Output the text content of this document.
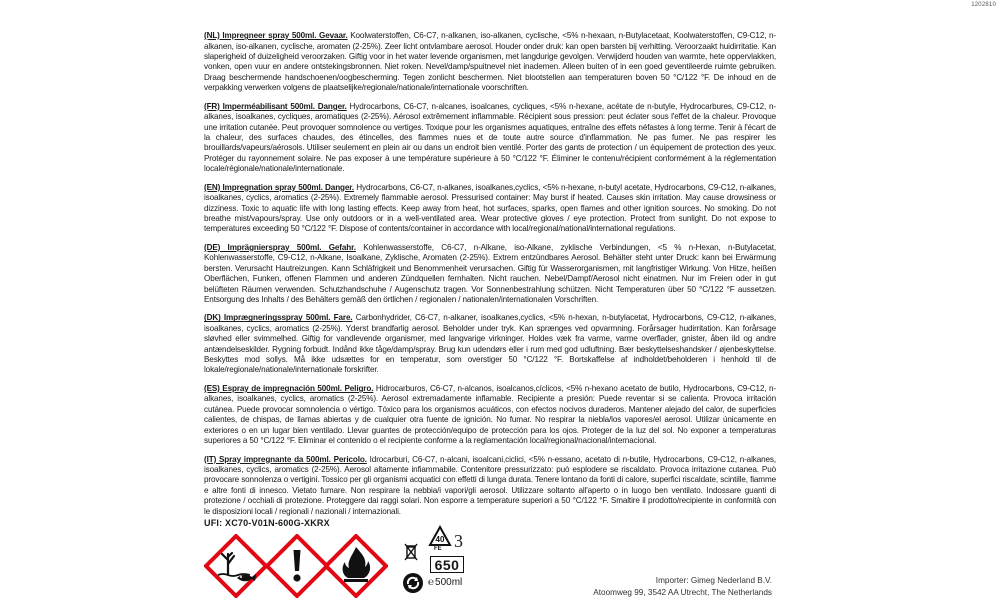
1202810

(NL) Impregneer spray 500ml. Gevaar. Koolwaterstoffen, C6-C7, n-alkanen, iso-alkanen, cyclische, <5% n-hexaan, n-Butylacetaat, Koolwaterstoffen, C9-C12, n-alkanen, iso-alkanen, cyclische, aromaten (2-25%). Zeer licht ontvlambare aerosol. Houder onder druk: kan open barsten bij verhitting. Veroorzaakt huidirritatie. Kan slaperigheid of duizeligheid veroorzaken. Giftig voor in het water levende organismen, met langdurige gevolgen. Verwijderd houden van warmte, hete oppervlakken, vonken, open vuur en andere ontstekingsbronnen. Niet roken. Nevel/damp/spuitnevel niet inademen. Alleen buiten of in een goed geventileerde ruimte gebruiken. Draag beschermende handschoenen/oogbescherming. Tegen zonlicht beschermen. Niet blootstellen aan temperaturen boven 50 °C/122 °F. De inhoud en de verpakking verwerken volgens de plaatselijke/regionale/nationale/internationale voorschriften.

(FR) Imperméabilisant 500ml. Danger. Hydrocarbons, C6-C7, n-alcanes, isoalcanes, cycliques, <5% n-hexane, acétate de n-butyle, Hydrocarbures, C9-C12, n-alkanes, isoalkanes, cycliques, aromatiques (2-25%). Aérosol extrêmement inflammable. Récipient sous pression: peut éclater sous l'effet de la chaleur. Provoque une irritation cutanée. Peut provoquer somnolence ou vertiges. Toxique pour les organismes aquatiques, entraîne des effets néfastes à long terme. Tenir à l'écart de la chaleur, des surfaces chaudes, des étincelles, des flammes nues et de toute autre source d'inflammation. Ne pas fumer. Ne pas respirer les brouillards/vapeurs/aérosols. Utiliser seulement en plein air ou dans un endroit bien ventilé. Porter des gants de protection / un équipement de protection des yeux. Protéger du rayonnement solaire. Ne pas exposer à une température supérieure à 50 °C/122 °F. Éliminer le contenu/récipient conformément à la réglementation locale/régionale/nationale/internationale.

(EN) Impregnation spray 500ml. Danger. Hydrocarbons, C6-C7, n-alkanes, isoalkanes,cyclics, <5% n-hexane, n-butyl acetate, Hydrocarbons, C9-C12, n-alkanes, isoalkanes, cyclics, aromatics (2-25%). Extremely flammable aerosol. Pressurised container: May burst if heated. Causes skin irritation. May cause drowsiness or dizziness. Toxic to aquatic life with long lasting effects. Keep away from heat, hot surfaces, sparks, open flames and other ignition sources. No smoking. Do not breathe mist/vapours/spray. Use only outdoors or in a well-ventilated area. Wear protective gloves / eye protection. Protect from sunlight. Do not expose to temperatures exceeding 50 °C/122 °F. Dispose of contents/container in accordance with local/regional/national/international regulations.

(DE) Imprägnierspray 500ml. Gefahr. Kohlenwasserstoffe, C6-C7, n-Alkane, iso-Alkane, zyklische Verbindungen, <5 % n-Hexan, n-Butylacetat, Kohlenwasserstoffe, C9-C12, n-Alkane, Isoalkane, Zyklische, Aromaten (2-25%). Extrem entzündbares Aerosol. Behälter steht unter Druck: kann bei Erwärmung bersten. Verursacht Hautreizungen. Kann Schläfrigkeit und Benommenheit verursachen. Giftig für Wasserorganismen, mit langfristiger Wirkung. Von Hitze, heißen Oberflächen, Funken, offenen Flammen und anderen Zündquellen fernhalten. Nicht rauchen. Nebel/Dampf/Aerosol nicht einatmen. Nur im Freien oder in gut belüfteten Räumen verwenden. Schutzhandschuhe / Augenschutz tragen. Vor Sonnenbestrahlung schützen. Nicht Temperaturen über 50 °C/122 °F aussetzen. Entsorgung des Inhalts / des Behälters gemäß den örtlichen / regionalen / nationalen/internationalen Vorschriften.

(DK) Imprægneringsspray 500ml. Fare. Carbonhydrider, C6-C7, n-alkaner, isoalkanes,cyclics, <5% n-hexan, n-butylacetat, Hydrocarbons, C9-C12, n-alkanes, isoalkanes, cyclics, aromatics (2-25%). Yderst brandfarlig aerosol. Beholder under tryk. Kan sprænges ved opvarmning. Forårsager hudirritation. Kan forårsage sløvhed eller svimmelhed. Giftig for vandlevende organismer, med langvarige virkninger. Holdes væk fra varme, varme overflader, gnister, åben ild og andre antændelseskilder. Rygning forbudt. Indånd ikke tåge/damp/spray. Brug kun udendørs eller i rum med god udluftning. Bær beskyttelseshandsker / øjenbeskyttelse. Beskyttes mod sollys. Må ikke udsættes for en temperatur, som overstiger 50 °C/122 °F. Bortskaffelse af indholdet/beholderen i henhold til de lokale/regionale/nationale/internationale forskrifter.

(ES) Espray de impregnación 500ml. Peligro. Hidrocarburos, C6-C7, n-alcanos, isoalcanos,cíclicos, <5% n-hexano acetato de butilo, Hydrocarbons, C9-C12, n-alkanes, isoalkanes, cyclics, aromatics (2-25%). Aerosol extremadamente inflamable. Recipiente a presión: Puede reventar si se calienta. Provoca irritación cutánea. Puede provocar somnolencia o vértigo. Tóxico para los organismos acuáticos, con efectos nocivos duraderos. Mantener alejado del calor, de superficies calientes, de chispas, de llamas abiertas y de cualquier otra fuente de ignición. No fumar. No respirar la niebla/los vapores/el aerosol. Utilizar únicamente en exteriores o en un lugar bien ventilado. Llevar guantes de protección/equipo de protección para los ojos. Proteger de la luz del sol. No exponer a temperaturas superiores a 50 °C/122 °F. Eliminar el contenido o el recipiente conforme a la reglamentación local/regional/nacional/internacional.

(IT) Spray impregnante da 500ml. Pericolo. Idrocarburi, C6-C7, n-alcani, isoalcani,ciclici, <5% n-essano, acetato di n-butile, Hydrocarbons, C9-C12, n-alkanes, isoalkanes, cyclics, aromatics (2-25%). Aerosol altamente infiammabile. Contenitore pressurizzato: può esplodere se riscaldato. Provoca irritazione cutanea. Può provocare sonnolenza o vertigini. Tossico per gli organismi acquatici con effetti di lunga durata. Tenere lontano da fonti di calore, superfici riscaldate, scintille, fiamme e altre fonti di innesco. Vietato fumare. Non respirare la nebbia/i vapori/gli aerosol. Utilizzare soltanto all'aperto o in luogo ben ventilato. Indossare guanti di protezione / occhiali di protezione. Proteggere dai raggi solari. Non esporre a temperature superiori a 50 °C/122 °F. Smaltire il prodotto/recipiente in conformità con le disposizioni locali / regionali / nazionali / internazionali.

UFI: XC70-V01N-600G-XKRX
40
FE 3
650
℮ 500ml	Importer: Gimeg Nederland B.V.
Atoomweg 99, 3542 AA Utrecht, The Netherlands
